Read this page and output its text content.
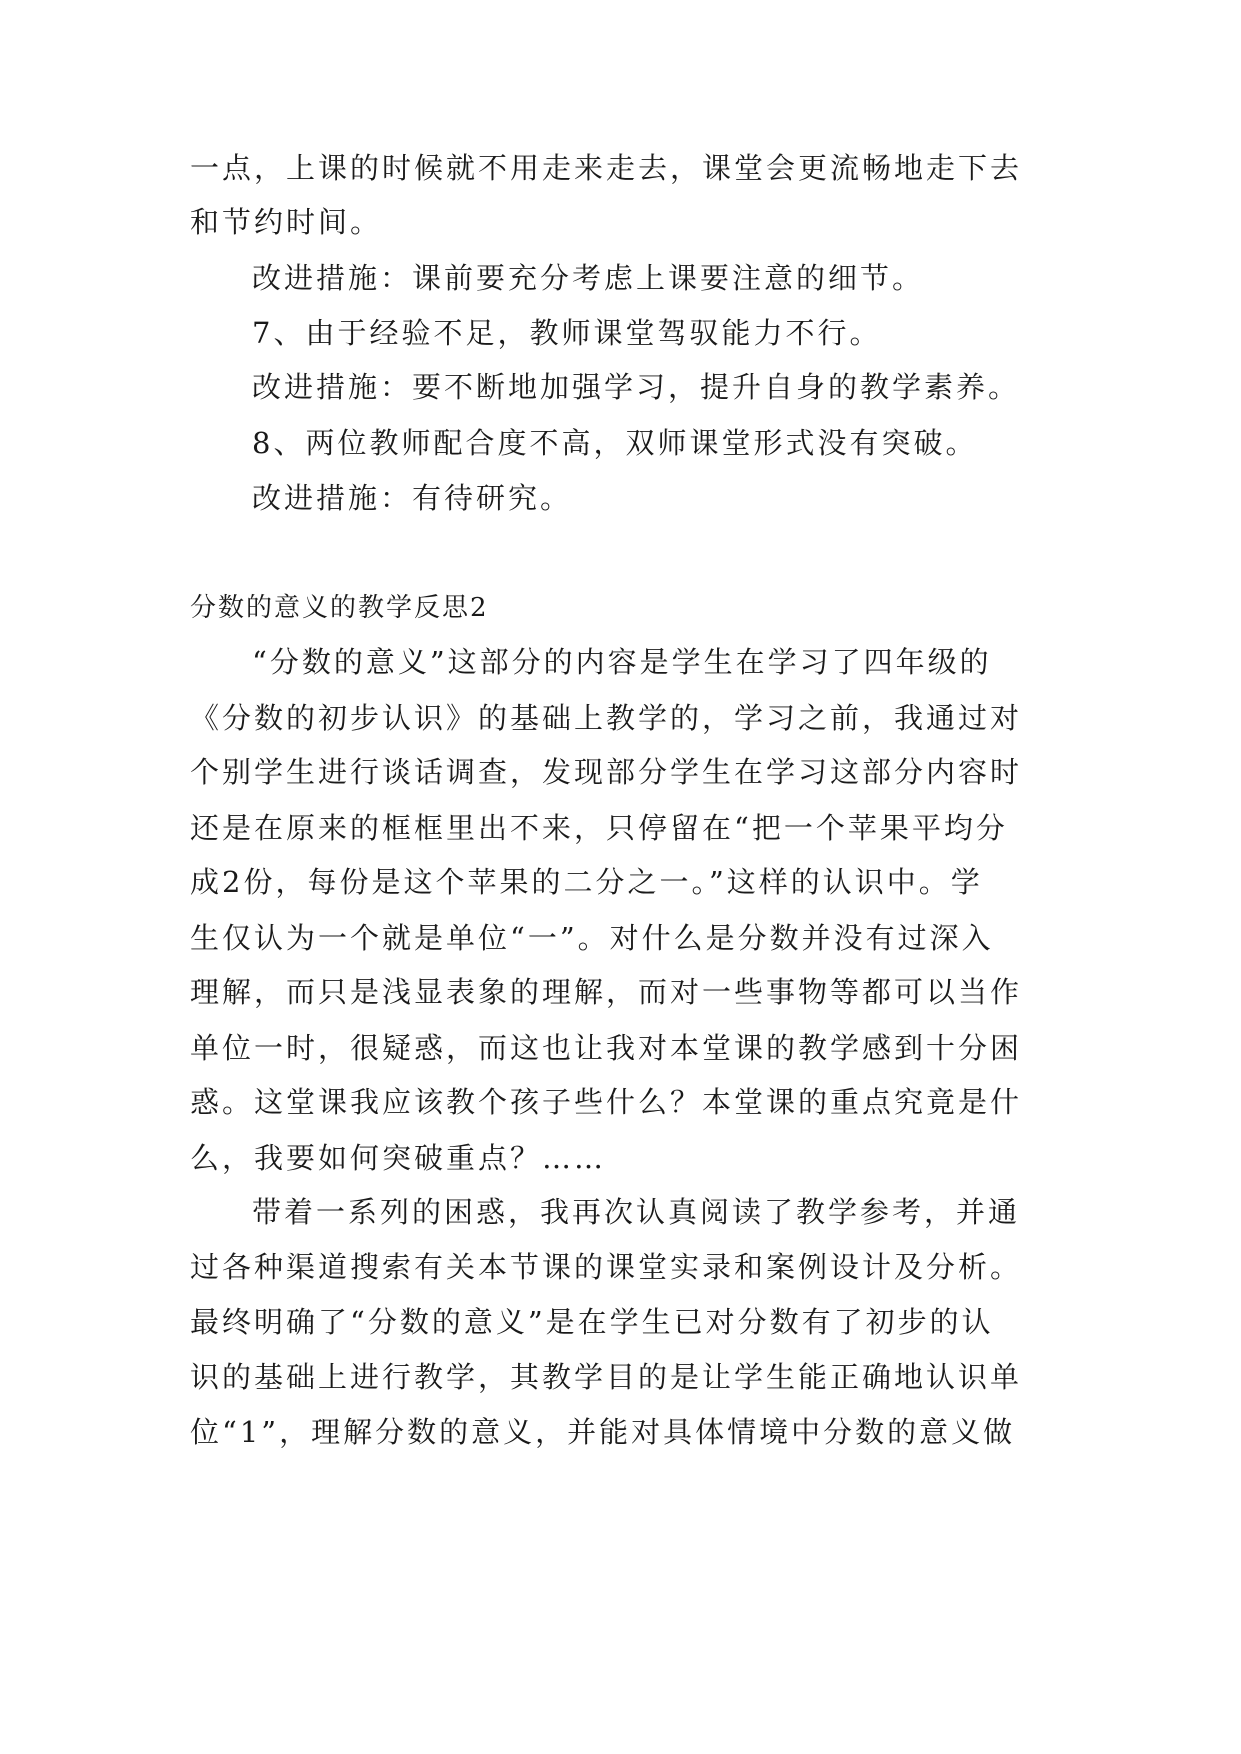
一点，上课的时候就不用走来走去，课堂会更流畅地走下去
和节约时间。
改进措施：课前要充分考虑上课要注意的细节。
7、由于经验不足，教师课堂驾驭能力不行。
改进措施：要不断地加强学习，提升自身的教学素养。
8、两位教师配合度不高，双师课堂形式没有突破。
改进措施：有待研究。
分数的意义的教学反思2
“分数的意义”这部分的内容是学生在学习了四年级的
《分数的初步认识》的基础上教学的，学习之前，我通过对
个别学生进行谈话调查，发现部分学生在学习这部分内容时
还是在原来的框框里出不来，只停留在“把一个苹果平均分
成2份，每份是这个苹果的二分之一。”这样的认识中。学
生仅认为一个就是单位“一”。对什么是分数并没有过深入
理解，而只是浅显表象的理解，而对一些事物等都可以当作
单位一时，很疑惑，而这也让我对本堂课的教学感到十分困
惑。这堂课我应该教个孩子些什么？本堂课的重点究竟是什
么，我要如何突破重点？……
带着一系列的困惑，我再次认真阅读了教学参考，并通
过各种渠道搜索有关本节课的课堂实录和案例设计及分析。
最终明确了“分数的意义”是在学生已对分数有了初步的认
识的基础上进行教学，其教学目的是让学生能正确地认识单
位“1”，理解分数的意义，并能对具体情境中分数的意义做
